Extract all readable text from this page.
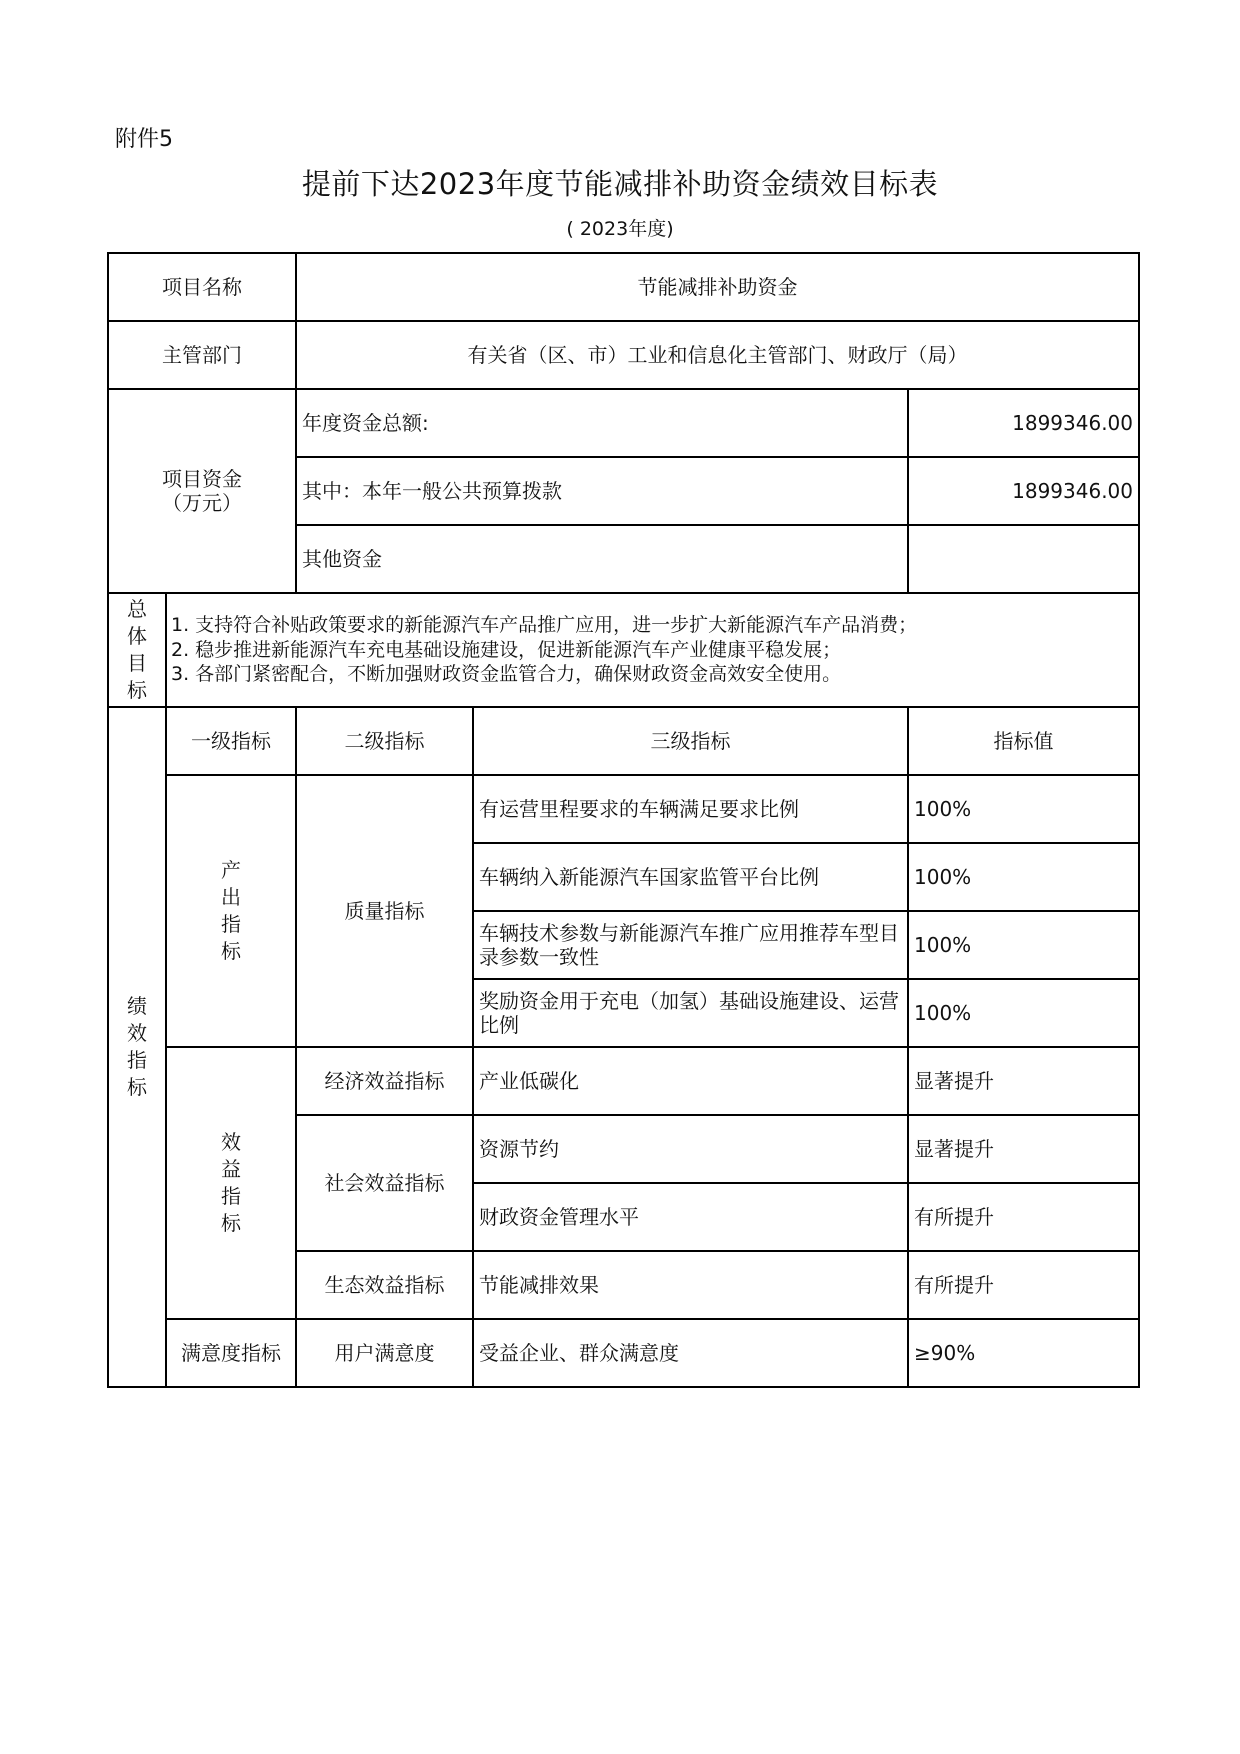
附件5
提前下达2023年度节能减排补助资金绩效目标表
( 2023年度)
项目名称		节能减排补助资金		
主管部门		有关省（区、市）工业和信息化主管部门、财政厅（局）		

项目资金
（万元）		年度资金总额:		1899346.00
		其中：本年一般公共预算拨款		1899346.00
		其他资金		
总体目标	1. 支持符合补贴政策要求的新能源汽车产品推广应用，进一步扩大新能源汽车产品消费；
2. 稳步推进新能源汽车充电基础设施建设，促进新能源汽车产业健康平稳发展；
3. 各部门紧密配合，不断加强财政资金监管合力，确保财政资金高效安全使用。			

绩效指标	一级指标	二级指标	三级指标	指标值
	产出指标	质量指标	有运营里程要求的车辆满足要求比例	100%
			车辆纳入新能源汽车国家监管平台比例	100%
			车辆技术参数与新能源汽车推广应用推荐车型目录参数一致性	100%
			奖励资金用于充电（加氢）基础设施建设、运营比例	100%
	效益指标	经济效益指标	产业低碳化	显著提升
		社会效益指标	资源节约	显著提升
			财政资金管理水平	有所提升
		生态效益指标	节能减排效果	有所提升
	满意度指标	用户满意度	受益企业、群众满意度	≥90%
